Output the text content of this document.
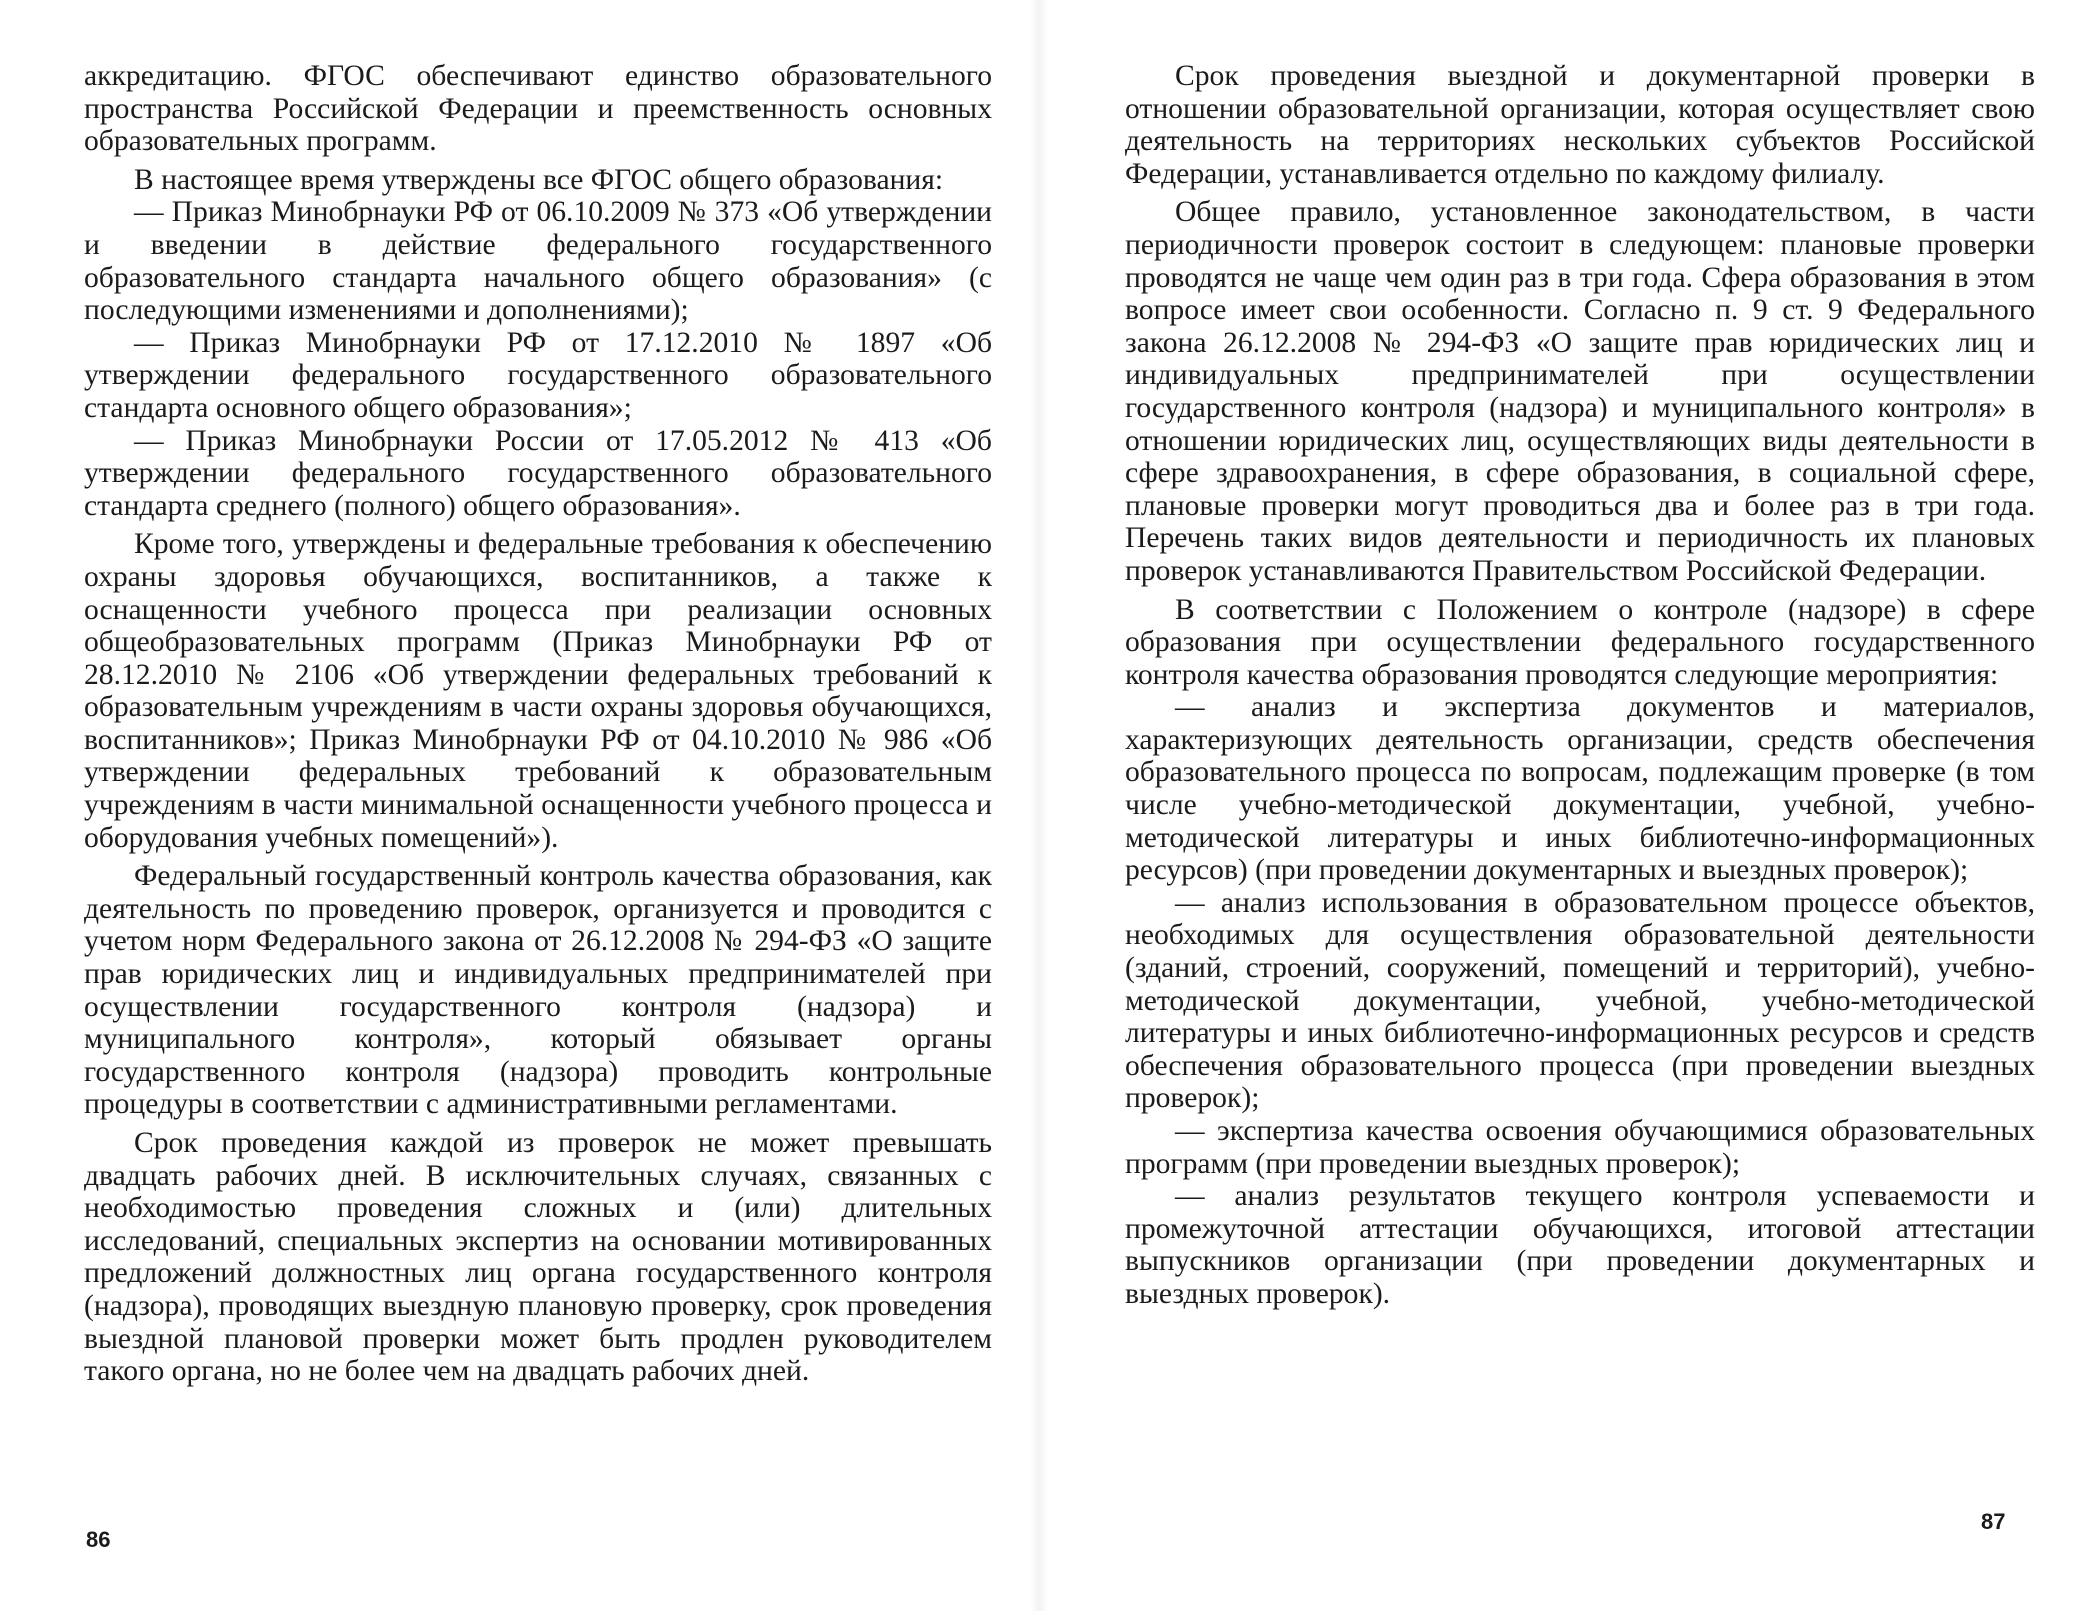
аккредитацию. ФГОС обеспечивают единство образовательного пространства Российской Федерации и преемственность основных образовательных программ.

В настоящее время утверждены все ФГОС общего образования:

— Приказ Минобрнауки РФ от 06.10.2009 № 373 «Об утверждении и введении в действие федерального государственного образовательного стандарта начального общего образования» (с последующими изменениями и дополнениями);

— Приказ Минобрнауки РФ от 17.12.2010 № 1897 «Об утверждении федерального государственного образовательного стандарта основного общего образования»;

— Приказ Минобрнауки России от 17.05.2012 № 413 «Об утверждении федерального государственного образовательного стандарта среднего (полного) общего образования».

Кроме того, утверждены и федеральные требования к обеспечению охраны здоровья обучающихся, воспитанников, а также к оснащенности учебного процесса при реализации основных общеобразовательных программ (Приказ Минобрнауки РФ от 28.12.2010 № 2106 «Об утверждении федеральных требований к образовательным учреждениям в части охраны здоровья обучающихся, воспитанников»; Приказ Минобрнауки РФ от 04.10.2010 № 986 «Об утверждении федеральных требований к образовательным учреждениям в части минимальной оснащенности учебного процесса и оборудования учебных помещений»).

Федеральный государственный контроль качества образования, как деятельность по проведению проверок, организуется и проводится с учетом норм Федерального закона от 26.12.2008 № 294-ФЗ «О защите прав юридических лиц и индивидуальных предпринимателей при осуществлении государственного контроля (надзора) и муниципального контроля», который обязывает органы государственного контроля (надзора) проводить контрольные процедуры в соответствии с административными регламентами.

Срок проведения каждой из проверок не может превышать двадцать рабочих дней. В исключительных случаях, связанных с необходимостью проведения сложных и (или) длительных исследований, специальных экспертиз на основании мотивированных предложений должностных лиц органа государственного контроля (надзора), проводящих выездную плановую проверку, срок проведения выездной плановой проверки может быть продлен руководителем такого органа, но не более чем на двадцать рабочих дней.

86

Срок проведения выездной и документарной проверки в отношении образовательной организации, которая осуществляет свою деятельность на территориях нескольких субъектов Российской Федерации, устанавливается отдельно по каждому филиалу.

Общее правило, установленное законодательством, в части периодичности проверок состоит в следующем: плановые проверки проводятся не чаще чем один раз в три года. Сфера образования в этом вопросе имеет свои особенности. Согласно п. 9 ст. 9 Федерального закона 26.12.2008 № 294-ФЗ «О защите прав юридических лиц и индивидуальных предпринимателей при осуществлении государственного контроля (надзора) и муниципального контроля» в отношении юридических лиц, осуществляющих виды деятельности в сфере здравоохранения, в сфере образования, в социальной сфере, плановые проверки могут проводиться два и более раз в три года. Перечень таких видов деятельности и периодичность их плановых проверок устанавливаются Правительством Российской Федерации.

В соответствии с Положением о контроле (надзоре) в сфере образования при осуществлении федерального государственного контроля качества образования проводятся следующие мероприятия:

— анализ и экспертиза документов и материалов, характеризующих деятельность организации, средств обеспечения образовательного процесса по вопросам, подлежащим проверке (в том числе учебно-методической документации, учебной, учебно-методической литературы и иных библиотечно-информационных ресурсов) (при проведении документарных и выездных проверок);

— анализ использования в образовательном процессе объектов, необходимых для осуществления образовательной деятельности (зданий, строений, сооружений, помещений и территорий), учебно-методической документации, учебной, учебно-методической литературы и иных библиотечно-информационных ресурсов и средств обеспечения образовательного процесса (при проведении выездных проверок);

— экспертиза качества освоения обучающимися образовательных программ (при проведении выездных проверок);

— анализ результатов текущего контроля успеваемости и промежуточной аттестации обучающихся, итоговой аттестации выпускников организации (при проведении документарных и выездных проверок).

87
